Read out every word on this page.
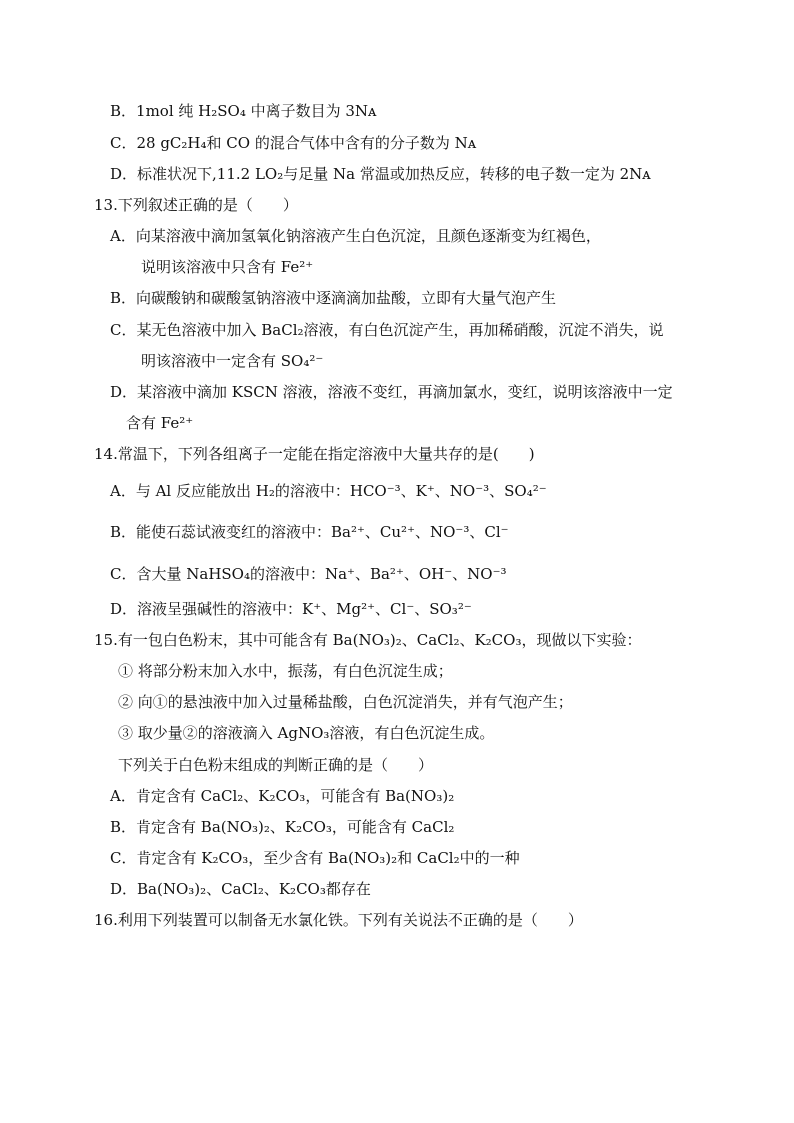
B．1mol 纯 H₂SO₄ 中离子数目为 3Nᴀ
C．28 gC₂H₄和 CO 的混合气体中含有的分子数为 Nᴀ
D．标准状况下,11.2 LO₂与足量 Na 常温或加热反应，转移的电子数一定为 2Nᴀ
13.下列叙述正确的是（　　）
A．向某溶液中滴加氢氧化钠溶液产生白色沉淀，且颜色逐渐变为红褐色，
说明该溶液中只含有 Fe²⁺
B．向碳酸钠和碳酸氢钠溶液中逐滴滴加盐酸，立即有大量气泡产生
C．某无色溶液中加入 BaCl₂溶液，有白色沉淀产生，再加稀硝酸，沉淀不消失，说
明该溶液中一定含有 SO₄²⁻
D．某溶液中滴加 KSCN 溶液，溶液不变红，再滴加氯水，变红，说明该溶液中一定
含有 Fe²⁺
14.常温下，下列各组离子一定能在指定溶液中大量共存的是(　　)
A．与 Al 反应能放出 H₂的溶液中：HCO⁻³、K⁺、NO⁻³、SO₄²⁻
B．能使石蕊试液变红的溶液中：Ba²⁺、Cu²⁺、NO⁻³、Cl⁻
C．含大量 NaHSO₄的溶液中：Na⁺、Ba²⁺、OH⁻、NO⁻³
D．溶液呈强碱性的溶液中：K⁺、Mg²⁺、Cl⁻、SO₃²⁻
15.有一包白色粉末，其中可能含有 Ba(NO₃)₂、CaCl₂、K₂CO₃，现做以下实验：
① 将部分粉末加入水中，振荡，有白色沉淀生成；
② 向①的悬浊液中加入过量稀盐酸，白色沉淀消失，并有气泡产生；
③ 取少量②的溶液滴入 AgNO₃溶液，有白色沉淀生成。
下列关于白色粉末组成的判断正确的是（　　）
A．肯定含有 CaCl₂、K₂CO₃，可能含有 Ba(NO₃)₂
B．肯定含有 Ba(NO₃)₂、K₂CO₃，可能含有 CaCl₂
C．肯定含有 K₂CO₃，至少含有 Ba(NO₃)₂和 CaCl₂中的一种
D．Ba(NO₃)₂、CaCl₂、K₂CO₃都存在
16.利用下列装置可以制备无水氯化铁。下列有关说法不正确的是（　　）
